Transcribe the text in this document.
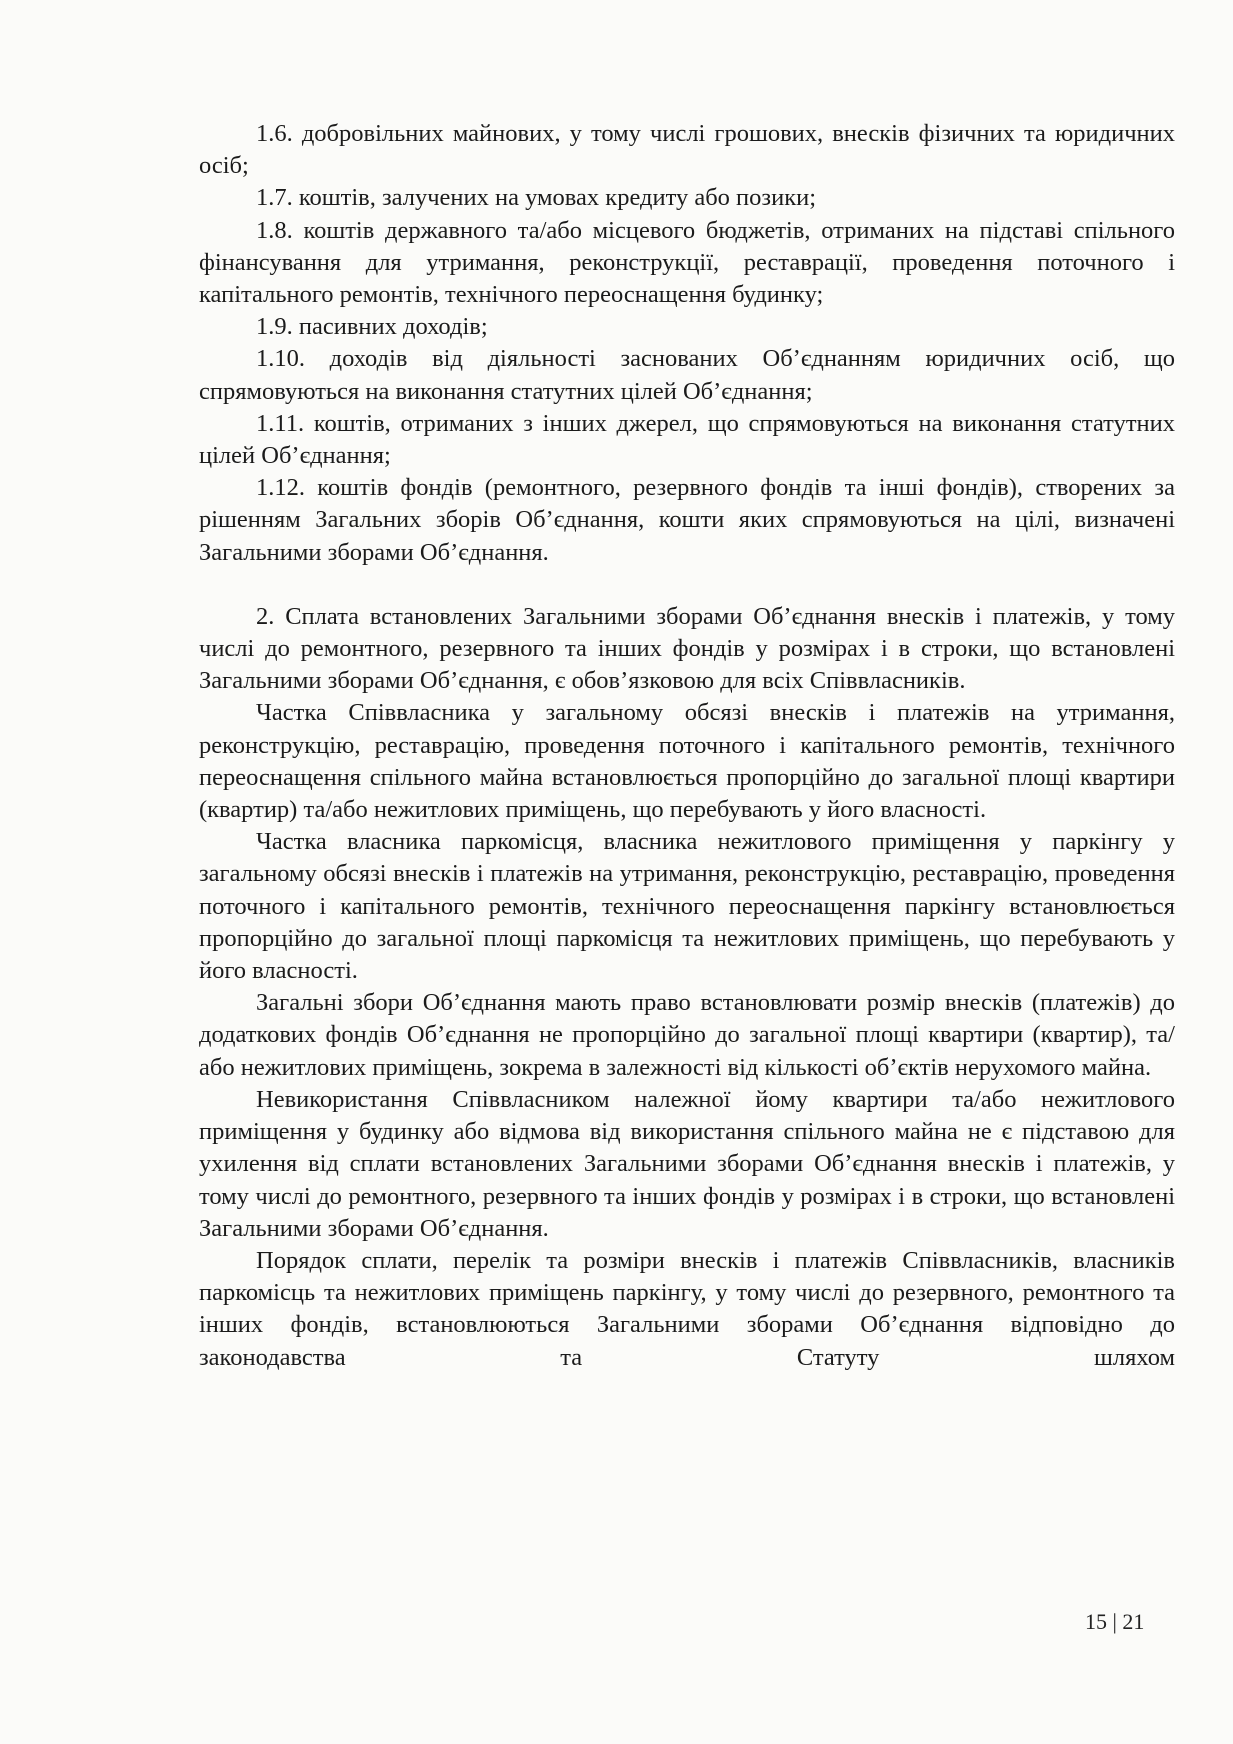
1.6. добровільних майнових, у тому числі грошових, внесків фізичних та юридичних осіб;

1.7. коштів, залучених на умовах кредиту або позики;

1.8. коштів державного та/або місцевого бюджетів, отриманих на підставі спільного фінансування для утримання, реконструкції, реставрації, проведення поточного і капітального ремонтів, технічного переоснащення будинку;

1.9. пасивних доходів;

1.10. доходів від діяльності заснованих Об’єднанням юридичних осіб, що спрямовуються на виконання статутних цілей Об’єднання;

1.11. коштів, отриманих з інших джерел, що спрямовуються на виконання статутних цілей Об’єднання;

1.12. коштів фондів (ремонтного, резервного фондів та інші фондів), створених за рішенням Загальних зборів Об’єднання, кошти яких спрямовуються на цілі, визначені Загальними зборами Об’єднання.

2. Сплата встановлених Загальними зборами Об’єднання внесків і платежів, у тому числі до ремонтного, резервного та інших фондів у розмірах і в строки, що встановлені Загальними зборами Об’єднання, є обов’язковою для всіх Співвласників.

Частка Співвласника у загальному обсязі внесків і платежів на утримання, реконструкцію, реставрацію, проведення поточного і капітального ремонтів, технічного переоснащення спільного майна встановлюється пропорційно до загальної площі квартири (квартир) та/або нежитлових приміщень, що перебувають у його власності.

Частка власника паркомісця, власника нежитлового приміщення у паркінгу у загальному обсязі внесків і платежів на утримання, реконструкцію, реставрацію, проведення поточного і капітального ремонтів, технічного переоснащення паркінгу встановлюється пропорційно до загальної площі паркомісця та нежитлових приміщень, що перебувають у його власності.

Загальні збори Об’єднання мають право встановлювати розмір внесків (платежів) до додаткових фондів Об’єднання не пропорційно до загальної площі квартири (квартир), та/або нежитлових приміщень, зокрема в залежності від кількості об’єктів нерухомого майна.

Невикористання Співвласником належної йому квартири та/або нежитлового приміщення у будинку або відмова від використання спільного майна не є підставою для ухилення від сплати встановлених Загальними зборами Об’єднання внесків і платежів, у тому числі до ремонтного, резервного та інших фондів у розмірах і в строки, що встановлені Загальними зборами Об’єднання.

Порядок сплати, перелік та розміри внесків і платежів Співвласників, власників паркомісць та нежитлових приміщень паркінгу, у тому числі до резервного, ремонтного та інших фондів, встановлюються Загальними зборами Об’єднання відповідно до законодавства та Статуту шляхом

15 | 21
